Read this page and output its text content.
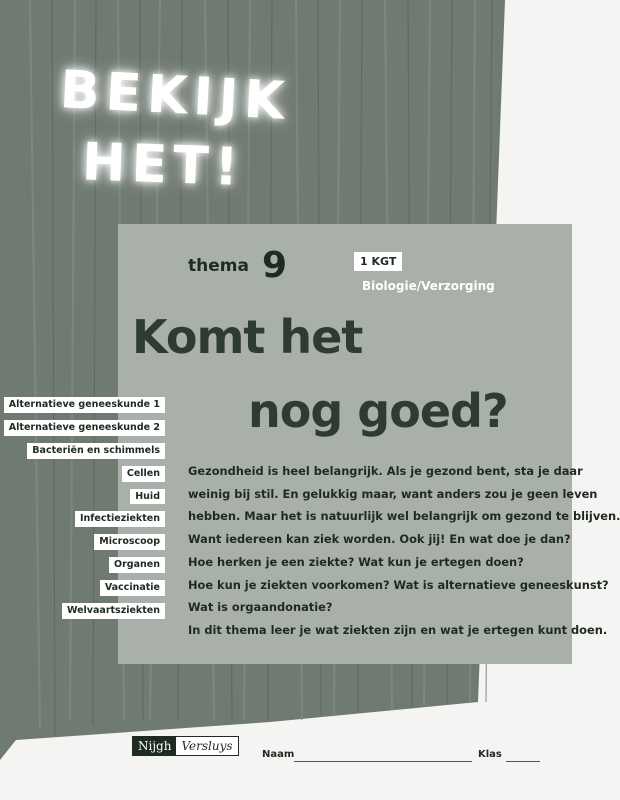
BEKIJK
HET!
thema 9	1 KGT
Biologie/Verzorging
Komt het
nog goed?
Alternatieve geneeskunde 1
Alternatieve geneeskunde 2
Bacteriën en schimmels
Cellen
Huid
Infectieziekten
Microscoop
Organen
Vaccinatie
Welvaartsziekten

Gezondheid is heel belangrijk. Als je gezond bent, sta je daar

weinig bij stil. En gelukkig maar, want anders zou je geen leven

hebben. Maar het is natuurlijk wel belangrijk om gezond te blijven.

Want iedereen kan ziek worden. Ook jij! En wat doe je dan?

Hoe herken je een ziekte? Wat kun je ertegen doen?

Hoe kun je ziekten voorkomen? Wat is alternatieve geneeskunst?

Wat is orgaandonatie?

In dit thema leer je wat ziekten zijn en wat je ertegen kunt doen.

Nijgh Versluys
Naam	Klas
